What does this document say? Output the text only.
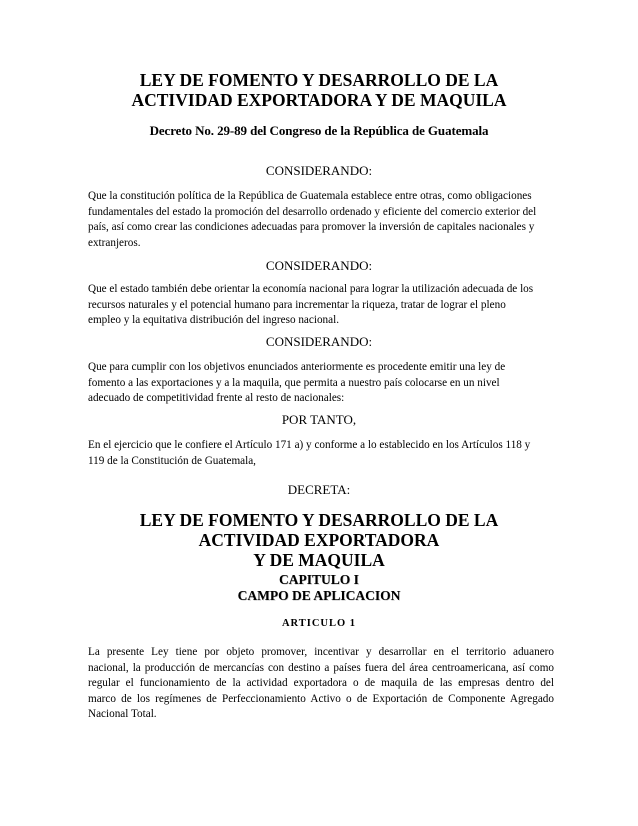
LEY DE FOMENTO Y DESARROLLO DE LA
ACTIVIDAD EXPORTADORA Y DE MAQUILA

Decreto No. 29-89 del Congreso de la República de Guatemala

CONSIDERANDO:

Que la constitución política de la República de Guatemala establece entre otras, como obligaciones
fundamentales del estado la promoción del desarrollo ordenado y eficiente del comercio exterior del
país, así como crear las condiciones adecuadas para promover la inversión de capitales nacionales y
extranjeros.

CONSIDERANDO:

Que el estado también debe orientar la economía nacional para lograr la utilización adecuada de los
recursos naturales y el potencial humano para incrementar la riqueza, tratar de lograr el pleno
empleo y la equitativa distribución del ingreso nacional.

CONSIDERANDO:

Que para cumplir con los objetivos enunciados anteriormente es procedente emitir una ley de
fomento a las exportaciones y a la maquila, que permita a nuestro país colocarse en un nivel
adecuado de competitividad frente al resto de nacionales:

POR TANTO,

En el ejercicio que le confiere el Artículo 171 a) y conforme a lo establecido en los Artículos 118 y
119 de la Constitución de Guatemala,

DECRETA:

LEY DE FOMENTO Y DESARROLLO DE LA
ACTIVIDAD EXPORTADORA
Y DE MAQUILA

CAPITULO I

CAMPO DE APLICACION

ARTICULO 1

La presente Ley tiene por objeto promover, incentivar y desarrollar en el territorio aduanero
nacional, la producción de mercancías con destino a países fuera del área centroamericana, así como
regular el funcionamiento de la actividad exportadora o de maquila de las empresas dentro del
marco de los regímenes de Perfeccionamiento Activo o de Exportación de Componente Agregado
Nacional Total.
